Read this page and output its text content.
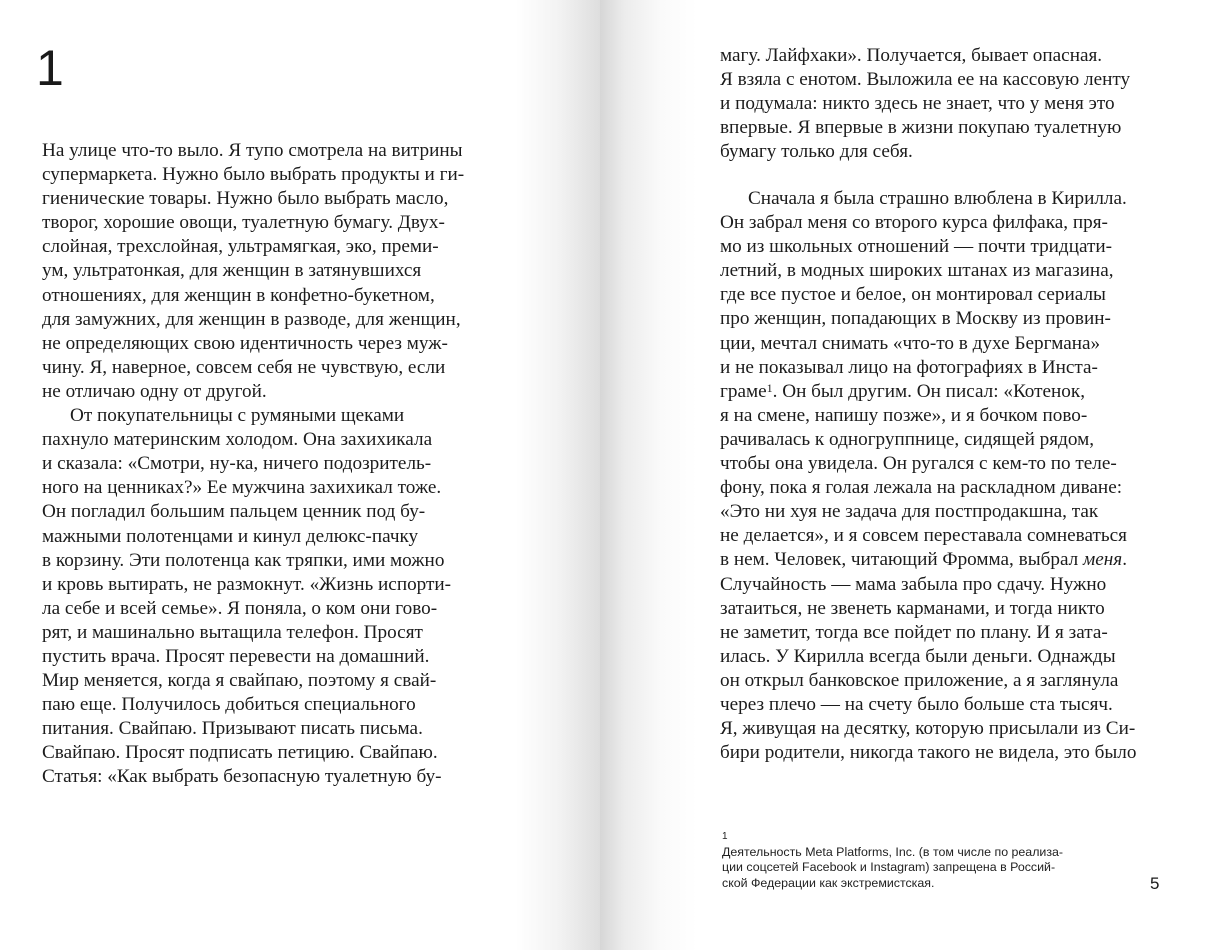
1
На улице что-то выло. Я тупо смотрела на витрины
супермаркета. Нужно было выбрать продукты и ги-
гиенические товары. Нужно было выбрать масло,
творог, хорошие овощи, туалетную бумагу. Двух-
слойная, трехслойная, ультрамягкая, эко, преми-
ум, ультратонкая, для женщин в затянувшихся
отношениях, для женщин в конфетно-букетном,
для замужних, для женщин в разводе, для женщин,
не определяющих свою идентичность через муж-
чину. Я, наверное, совсем себя не чувствую, если
не отличаю одну от другой.
От покупательницы с румяными щеками
пахнуло материнским холодом. Она захихикала
и сказала: «Смотри, ну-ка, ничего подозритель-
ного на ценниках?» Ее мужчина захихикал тоже.
Он погладил большим пальцем ценник под бу-
мажными полотенцами и кинул делюкс-пачку
в корзину. Эти полотенца как тряпки, ими можно
и кровь вытирать, не размокнут. «Жизнь испорти-
ла себе и всей семье». Я поняла, о ком они гово-
рят, и машинально вытащила телефон. Просят
пустить врача. Просят перевести на домашний.
Мир меняется, когда я свайпаю, поэтому я свай-
паю еще. Получилось добиться специального
питания. Свайпаю. Призывают писать письма.
Свайпаю. Просят подписать петицию. Свайпаю.
Статья: «Как выбрать безопасную туалетную бу-
магу. Лайфхаки». Получается, бывает опасная.
Я взяла с енотом. Выложила ее на кассовую ленту
и подумала: никто здесь не знает, что у меня это
впервые. Я впервые в жизни покупаю туалетную
бумагу только для себя.
Сначала я была страшно влюблена в Кирилла.
Он забрал меня со второго курса филфака, пря-
мо из школьных отношений — почти тридцати-
летний, в модных широких штанах из магазина,
где все пустое и белое, он монтировал сериалы
про женщин, попадающих в Москву из провин-
ции, мечтал снимать «что-то в духе Бергмана»
и не показывал лицо на фотографиях в Инста-
граме$^1$. Он был другим. Он писал: «Котенок,
я на смене, напишу позже», и я бочком пово-
рачивалась к одногруппнице, сидящей рядом,
чтобы она увидела. Он ругался с кем-то по теле-
фону, пока я голая лежала на раскладном диване:
«Это ни хуя не задача для постпродакшна, так
не делается», и я совсем переставала сомневаться
в нем. Человек, читающий Фромма, выбрал меня.
Случайность — мама забыла про сдачу. Нужно
затаиться, не звенеть карманами, и тогда никто
не заметит, тогда все пойдет по плану. И я зата-
илась. У Кирилла всегда были деньги. Однажды
он открыл банковское приложение, а я заглянула
через плечо — на счету было больше ста тысяч.
Я, живущая на десятку, которую присылали из Си-
бири родители, никогда такого не видела, это было
1
Деятельность Meta Platforms, Inc. (в том числе по реализа-
ции соцсетей Facebook и Instagram) запрещена в Россий-
ской Федерации как экстремистская.	5
